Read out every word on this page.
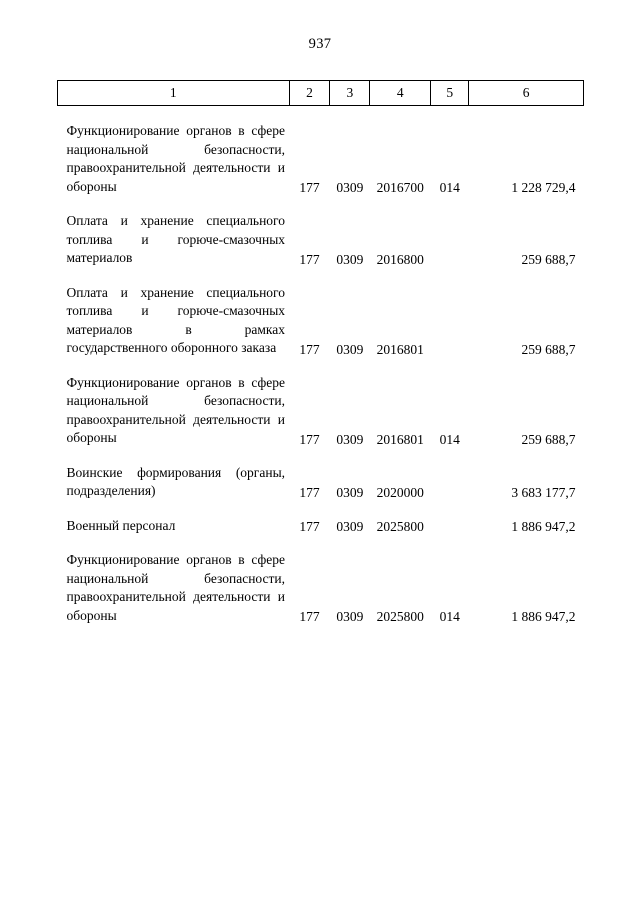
937
1	2	3	4	5	6
Функционирование органов в сфере национальной безопасности, правоохранительной деятельности и обороны	177	0309	2016700	014	1 228 729,4
Оплата и хранение специального топлива и горюче-смазочных материалов	177	0309	2016800		259 688,7
Оплата и хранение специального топлива и горюче-смазочных материалов в рамках государственного оборонного заказа	177	0309	2016801		259 688,7
Функционирование органов в сфере национальной безопасности, правоохранительной деятельности и обороны	177	0309	2016801	014	259 688,7
Воинские формирования (органы, подразделения)	177	0309	2020000		3 683 177,7
Военный персонал	177	0309	2025800		1 886 947,2
Функционирование органов в сфере национальной безопасности, правоохранительной деятельности и обороны	177	0309	2025800	014	1 886 947,2
